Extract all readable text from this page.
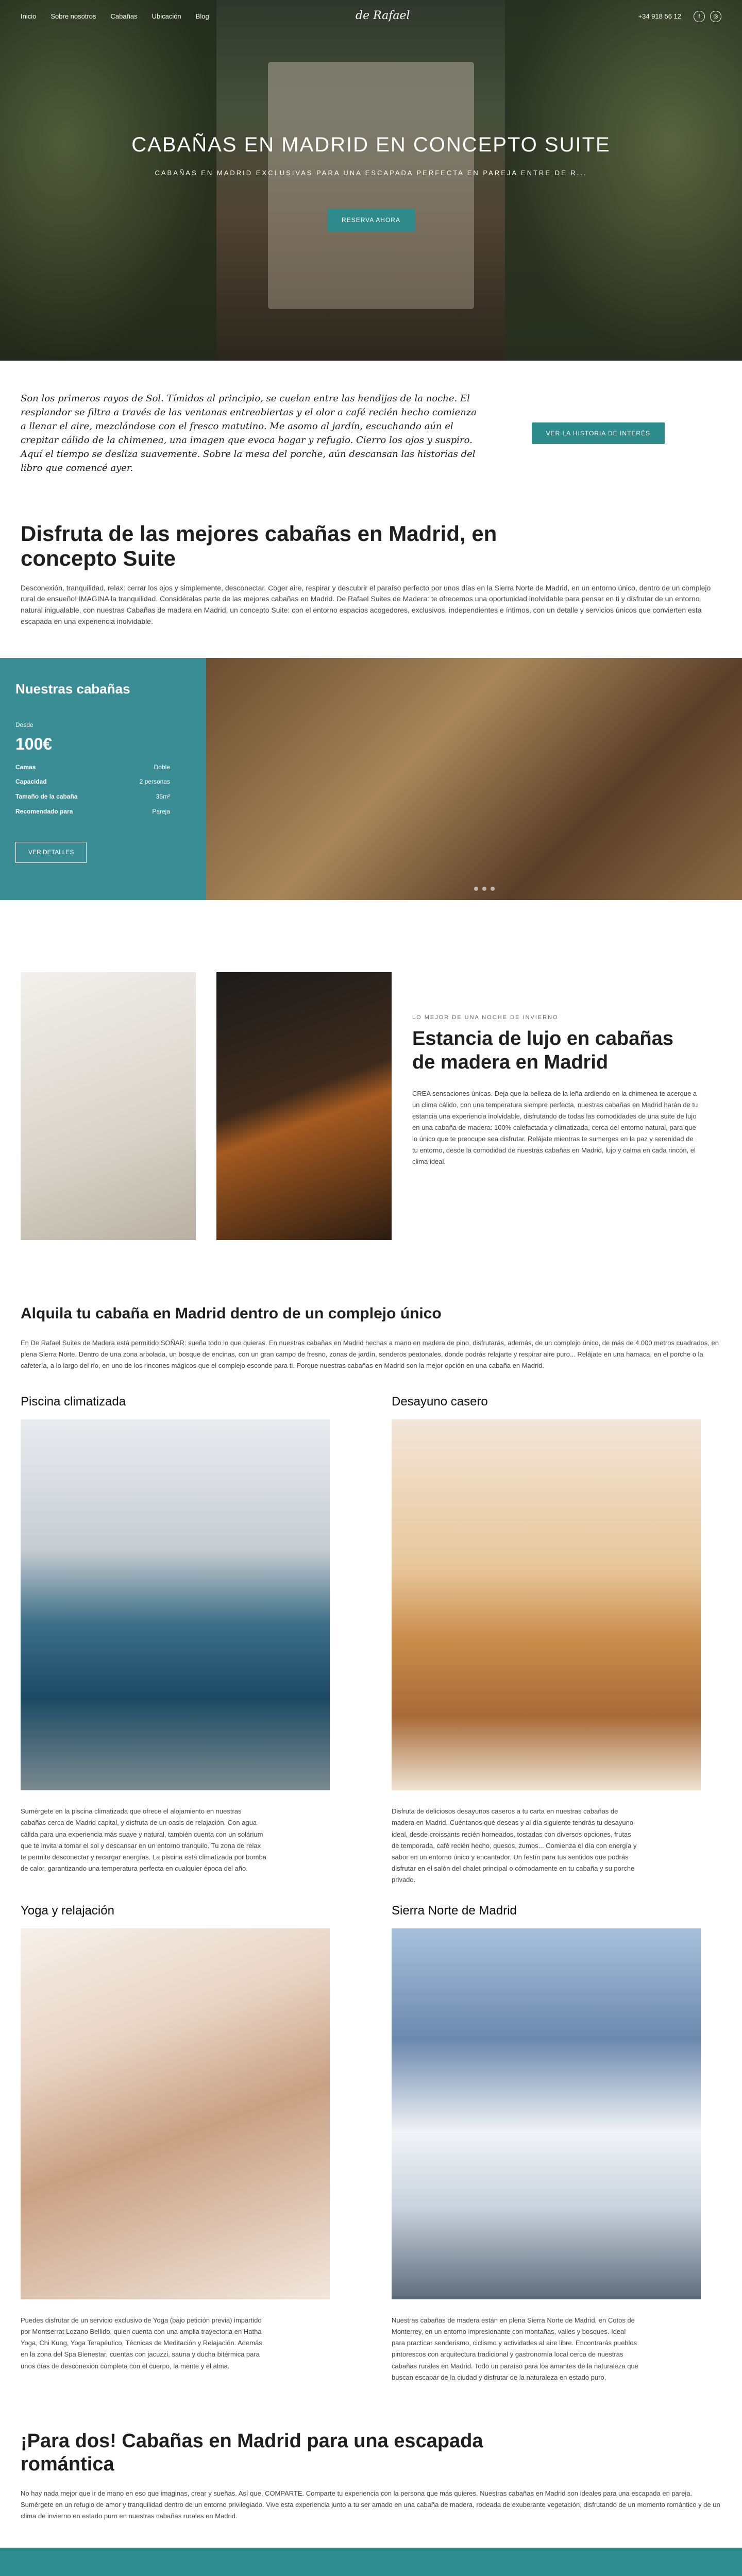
Inicio Sobre nosotros Cabañas Ubicación Blog	de Rafael	+34 918 56 12	f	◎
CABAÑAS EN MADRID EN CONCEPTO SUITE
CABAÑAS EN MADRID EXCLUSIVAS PARA UNA ESCAPADA PERFECTA EN PAREJA ENTRE DE R...
RESERVA AHORA

Son los primeros rayos de Sol. Tímidos al principio, se cuelan entre las hendijas de la noche. El resplandor se filtra a través de las ventanas entreabiertas y el olor a café recién hecho comienza a llenar el aire, mezclándose con el fresco matutino. Me asomo al jardín, escuchando aún el crepitar cálido de la chimenea, una imagen que evoca hogar y refugio. Cierro los ojos y suspiro. Aquí el tiempo se desliza suavemente. Sobre la mesa del porche, aún descansan las historias del libro que comencé ayer.

VER LA HISTORIA DE INTERÉS
Disfruta de las mejores cabañas en Madrid, en concepto Suite

Desconexión, tranquilidad, relax: cerrar los ojos y simplemente, desconectar. Coger aire, respirar y descubrir el paraíso perfecto por unos días en la Sierra Norte de Madrid, en un entorno único, dentro de un complejo rural de ensueño! IMAGINA la tranquilidad. Considéralas parte de las mejores cabañas en Madrid. De Rafael Suites de Madera: te ofrecemos una oportunidad inolvidable para pensar en ti y disfrutar de un entorno natural inigualable, con nuestras Cabañas de madera en Madrid, un concepto Suite: con el entorno espacios acogedores, exclusivos, independientes e íntimos, con un detalle y servicios únicos que convierten esta escapada en una experiencia inolvidable.

Nuestras cabañas
Desde
100€
Camas	Doble
Capacidad	2 personas
Tamaño de la cabaña	35m²
Recomendado para	Pareja
VER DETALLES
LO MEJOR DE UNA NOCHE DE INVIERNO
Estancia de lujo en cabañas de madera en Madrid

CREA sensaciones únicas. Deja que la belleza de la leña ardiendo en la chimenea te acerque a un clima cálido, con una temperatura siempre perfecta, nuestras cabañas en Madrid harán de tu estancia una experiencia inolvidable, disfrutando de todas las comodidades de una suite de lujo en una cabaña de madera: 100% calefactada y climatizada, cerca del entorno natural, para que lo único que te preocupe sea disfrutar. Relájate mientras te sumerges en la paz y serenidad de tu entorno, desde la comodidad de nuestras cabañas en Madrid, lujo y calma en cada rincón, el clima ideal.

Alquila tu cabaña en Madrid dentro de un complejo único

En De Rafael Suites de Madera está permitido SOÑAR: sueña todo lo que quieras. En nuestras cabañas en Madrid hechas a mano en madera de pino, disfrutarás, además, de un complejo único, de más de 4.000 metros cuadrados, en plena Sierra Norte. Dentro de una zona arbolada, un bosque de encinas, con un gran campo de fresno, zonas de jardín, senderos peatonales, donde podrás relajarte y respirar aire puro... Relájate en una hamaca, en el porche o la cafetería, a lo largo del río, en uno de los rincones mágicos que el complejo esconde para ti. Porque nuestras cabañas en Madrid son la mejor opción en una cabaña en Madrid.

Piscina climatizada

Sumérgete en la piscina climatizada que ofrece el alojamiento en nuestras cabañas cerca de Madrid capital, y disfruta de un oasis de relajación. Con agua cálida para una experiencia más suave y natural, también cuenta con un solárium que te invita a tomar el sol y descansar en un entorno tranquilo. Tu zona de relax te permite desconectar y recargar energías. La piscina está climatizada por bomba de calor, garantizando una temperatura perfecta en cualquier época del año.

Desayuno casero

Disfruta de deliciosos desayunos caseros a tu carta en nuestras cabañas de madera en Madrid. Cuéntanos qué deseas y al día siguiente tendrás tu desayuno ideal, desde croissants recién horneados, tostadas con diversos opciones, frutas de temporada, café recién hecho, quesos, zumos... Comienza el día con energía y sabor en un entorno único y encantador. Un festín para tus sentidos que podrás disfrutar en el salón del chalet principal o cómodamente en tu cabaña y su porche privado.

Yoga y relajación

Puedes disfrutar de un servicio exclusivo de Yoga (bajo petición previa) impartido por Montserrat Lozano Bellido, quien cuenta con una amplia trayectoria en Hatha Yoga, Chi Kung, Yoga Terapéutico, Técnicas de Meditación y Relajación. Además en la zona del Spa Bienestar, cuentas con jacuzzi, sauna y ducha bitérmica para unos días de desconexión completa con el cuerpo, la mente y el alma.

Sierra Norte de Madrid

Nuestras cabañas de madera están en plena Sierra Norte de Madrid, en Cotos de Monterrey, en un entorno impresionante con montañas, valles y bosques. Ideal para practicar senderismo, ciclismo y actividades al aire libre. Encontrarás pueblos pintorescos con arquitectura tradicional y gastronomía local cerca de nuestras cabañas rurales en Madrid. Todo un paraíso para los amantes de la naturaleza que buscan escapar de la ciudad y disfrutar de la naturaleza en estado puro.

¡Para dos! Cabañas en Madrid para una escapada romántica

No hay nada mejor que ir de mano en eso que imaginas, crear y sueñas. Así que, COMPARTE. Comparte tu experiencia con la persona que más quieres. Nuestras cabañas en Madrid son ideales para una escapada en pareja. Sumérgete en un refugio de amor y tranquilidad dentro de un entorno privilegiado. Vive esta experiencia junto a tu ser amado en una cabaña de madera, rodeada de exuberante vegetación, disfrutando de un momento romántico y de un clima de invierno en estado puro en nuestras cabañas rurales en Madrid.
